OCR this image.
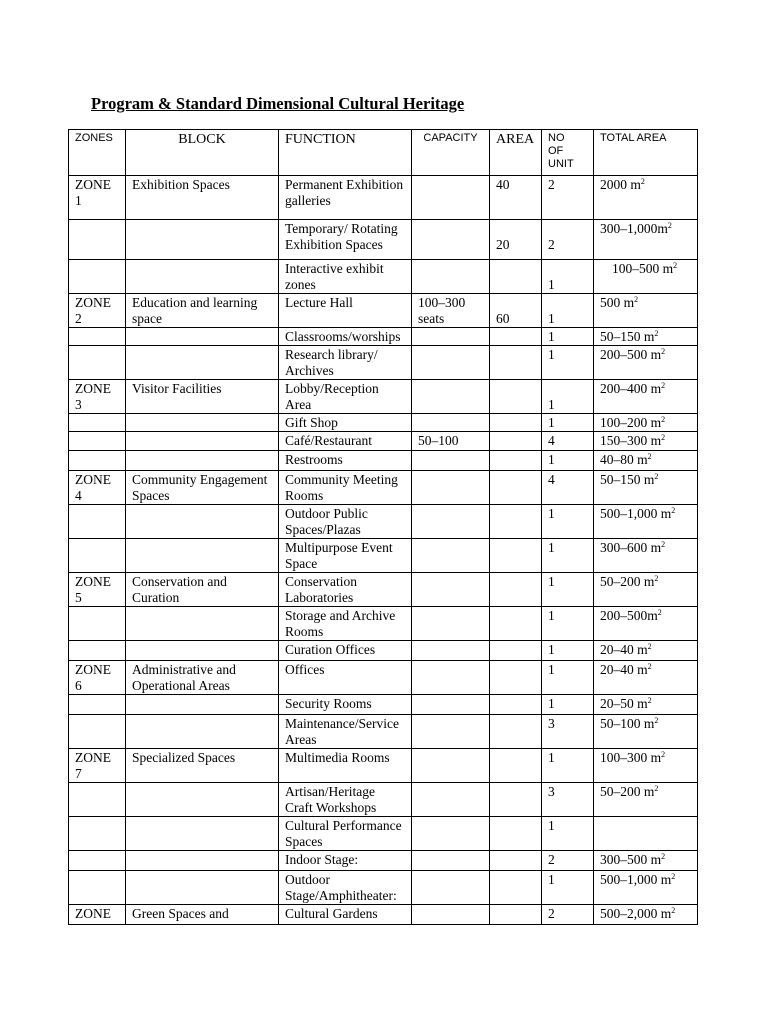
Program & Standard Dimensional Cultural Heritage
ZONES	BLOCK	FUNCTION	CAPACITY	AREA	NO OF UNIT	TOTAL AREA
ZONE 1	Exhibition Spaces	Permanent Exhibition galleries		40	2	2000 $m^2$
		Temporary/ Rotating Exhibition Spaces		20	2	$300-1,000m^2$
		Interactive exhibit zones			1	100–500 $m^2$

ZONE 2	Education and learning space	Lecture Hall	100–300 seats	60	1	500 $m^2$
		Classrooms/worships			1	50–150 $m^2$
		Research library/ Archives			1	200–500 $m^2$
ZONE 3	Visitor Facilities	Lobby/Reception Area			1	200–400 $m^2$
		Gift Shop			1	100–200 $m^2$
		Café/Restaurant	50–100		4	150–300 $m^2$
		Restrooms			1	40–80 $m^2$
ZONE 4	Community Engagement Spaces	Community Meeting Rooms			4	50–150 $m^2$
		Outdoor Public Spaces/Plazas			1	500–1,000 $m^2$
		Multipurpose Event Space			1	300–600 $m^2$
ZONE 5	Conservation and Curation	Conservation Laboratories			1	50–200 $m^2$
		Storage and Archive Rooms			1	$200-500m^2$
		Curation Offices			1	20–40 $m^2$
ZONE 6	Administrative and Operational Areas	Offices			1	20–40 $m^2$
		Security Rooms			1	20–50 $m^2$
		Maintenance/Service Areas			3	50–100 $m^2$
ZONE 7	Specialized Spaces	Multimedia Rooms			1	100–300 $m^2$
		Artisan/Heritage Craft Workshops			3	50–200 $m^2$
		Cultural Performance Spaces			1	

		Indoor Stage:			2	300–500 $m^2$
		Outdoor Stage/Amphitheater:			1	500–1,000 $m^2$
ZONE	Green Spaces and	Cultural Gardens			2	500–2,000 $m^2$
